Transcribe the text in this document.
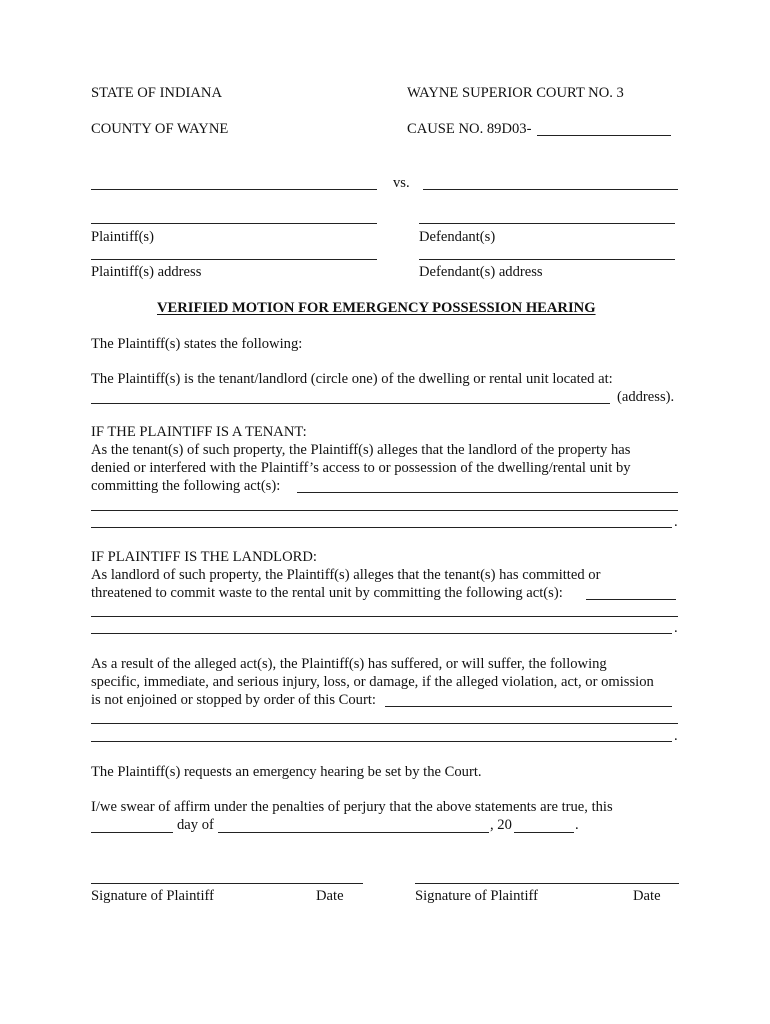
STATE OF INDIANA	WAYNE SUPERIOR COURT NO. 3
COUNTY OF WAYNE	CAUSE NO. 89D03-
vs.
Plaintiff(s)	Defendant(s)
Plaintiff(s) address	Defendant(s) address
VERIFIED MOTION FOR EMERGENCY POSSESSION HEARING
The Plaintiff(s) states the following:
The Plaintiff(s) is the tenant/landlord (circle one) of the dwelling or rental unit located at:
(address).
IF THE PLAINTIFF IS A TENANT:
As the tenant(s) of such property, the Plaintiff(s) alleges that the landlord of the property has
denied or interfered with the Plaintiff’s access to or possession of the dwelling/rental unit by
committing the following act(s):
.
IF PLAINTIFF IS THE LANDLORD:
As landlord of such property, the Plaintiff(s) alleges that the tenant(s) has committed or
threatened to commit waste to the rental unit by committing the following act(s):
.
As a result of the alleged act(s), the Plaintiff(s) has suffered, or will suffer, the following
specific, immediate, and serious injury, loss, or damage, if the alleged violation, act, or omission
is not enjoined or stopped by order of this Court:
.
The Plaintiff(s) requests an emergency hearing be set by the Court.
I/we swear of affirm under the penalties of perjury that the above statements are true, this
day of	, 20	.
Signature of Plaintiff	Date	Signature of Plaintiff	Date
